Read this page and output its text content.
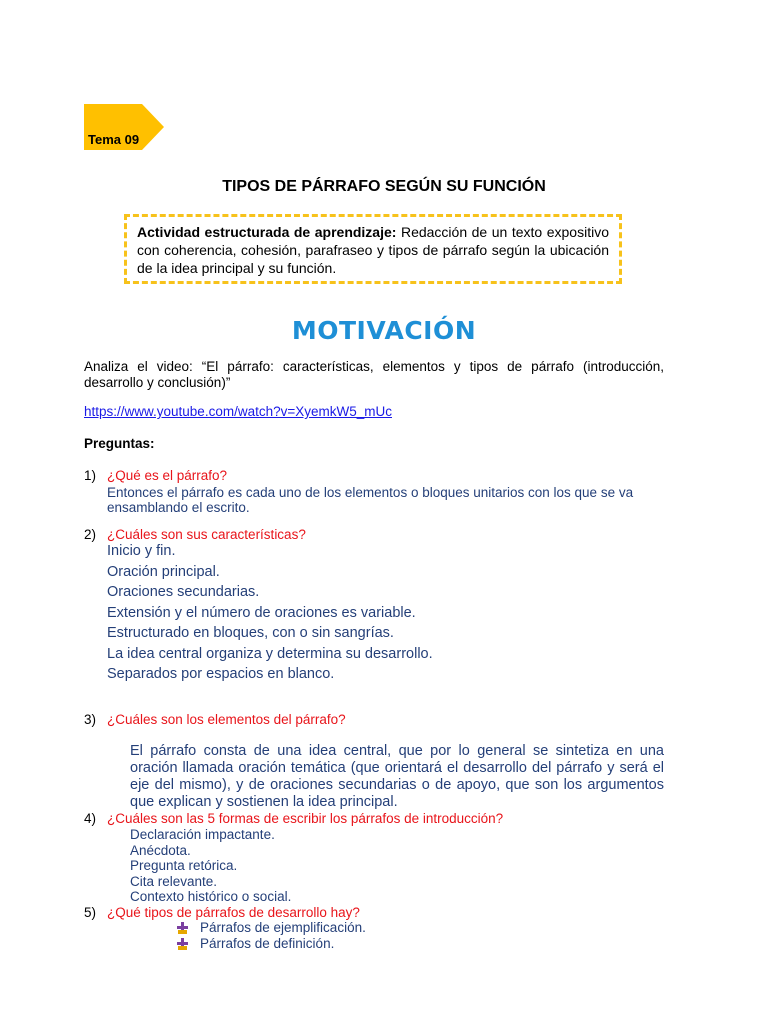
Tema 09
TIPOS DE PÁRRAFO SEGÚN SU FUNCIÓN
Actividad estructurada de aprendizaje: Redacción de un texto expositivo con coherencia, cohesión, parafraseo y tipos de párrafo según la ubicación de la idea principal y su función.
MOTIVACIÓN
Analiza el video: “El párrafo: características, elementos y tipos de párrafo (introducción, desarrollo y conclusión)”
https://www.youtube.com/watch?v=XyemkW5_mUc
Preguntas:
1) ¿Qué es el párrafo?
Entonces el párrafo es cada uno de los elementos o bloques unitarios con los que se va ensamblando el escrito.
2) ¿Cuáles son sus características?
Inicio y fin.
Oración principal.
Oraciones secundarias.
Extensión y el número de oraciones es variable.
Estructurado en bloques, con o sin sangrías.
La idea central organiza y determina su desarrollo.
Separados por espacios en blanco.
3) ¿Cuáles son los elementos del párrafo?
El párrafo consta de una idea central, que por lo general se sintetiza en una oración llamada oración temática (que orientará el desarrollo del párrafo y será el eje del mismo), y de oraciones secundarias o de apoyo, que son los argumentos que explican y sostienen la idea principal.
4) ¿Cuáles son las 5 formas de escribir los párrafos de introducción?
Declaración impactante.
Anécdota.
Pregunta retórica.
Cita relevante.
Contexto histórico o social.
5) ¿Qué tipos de párrafos de desarrollo hay?
Párrafos de ejemplificación.
Párrafos de definición.
